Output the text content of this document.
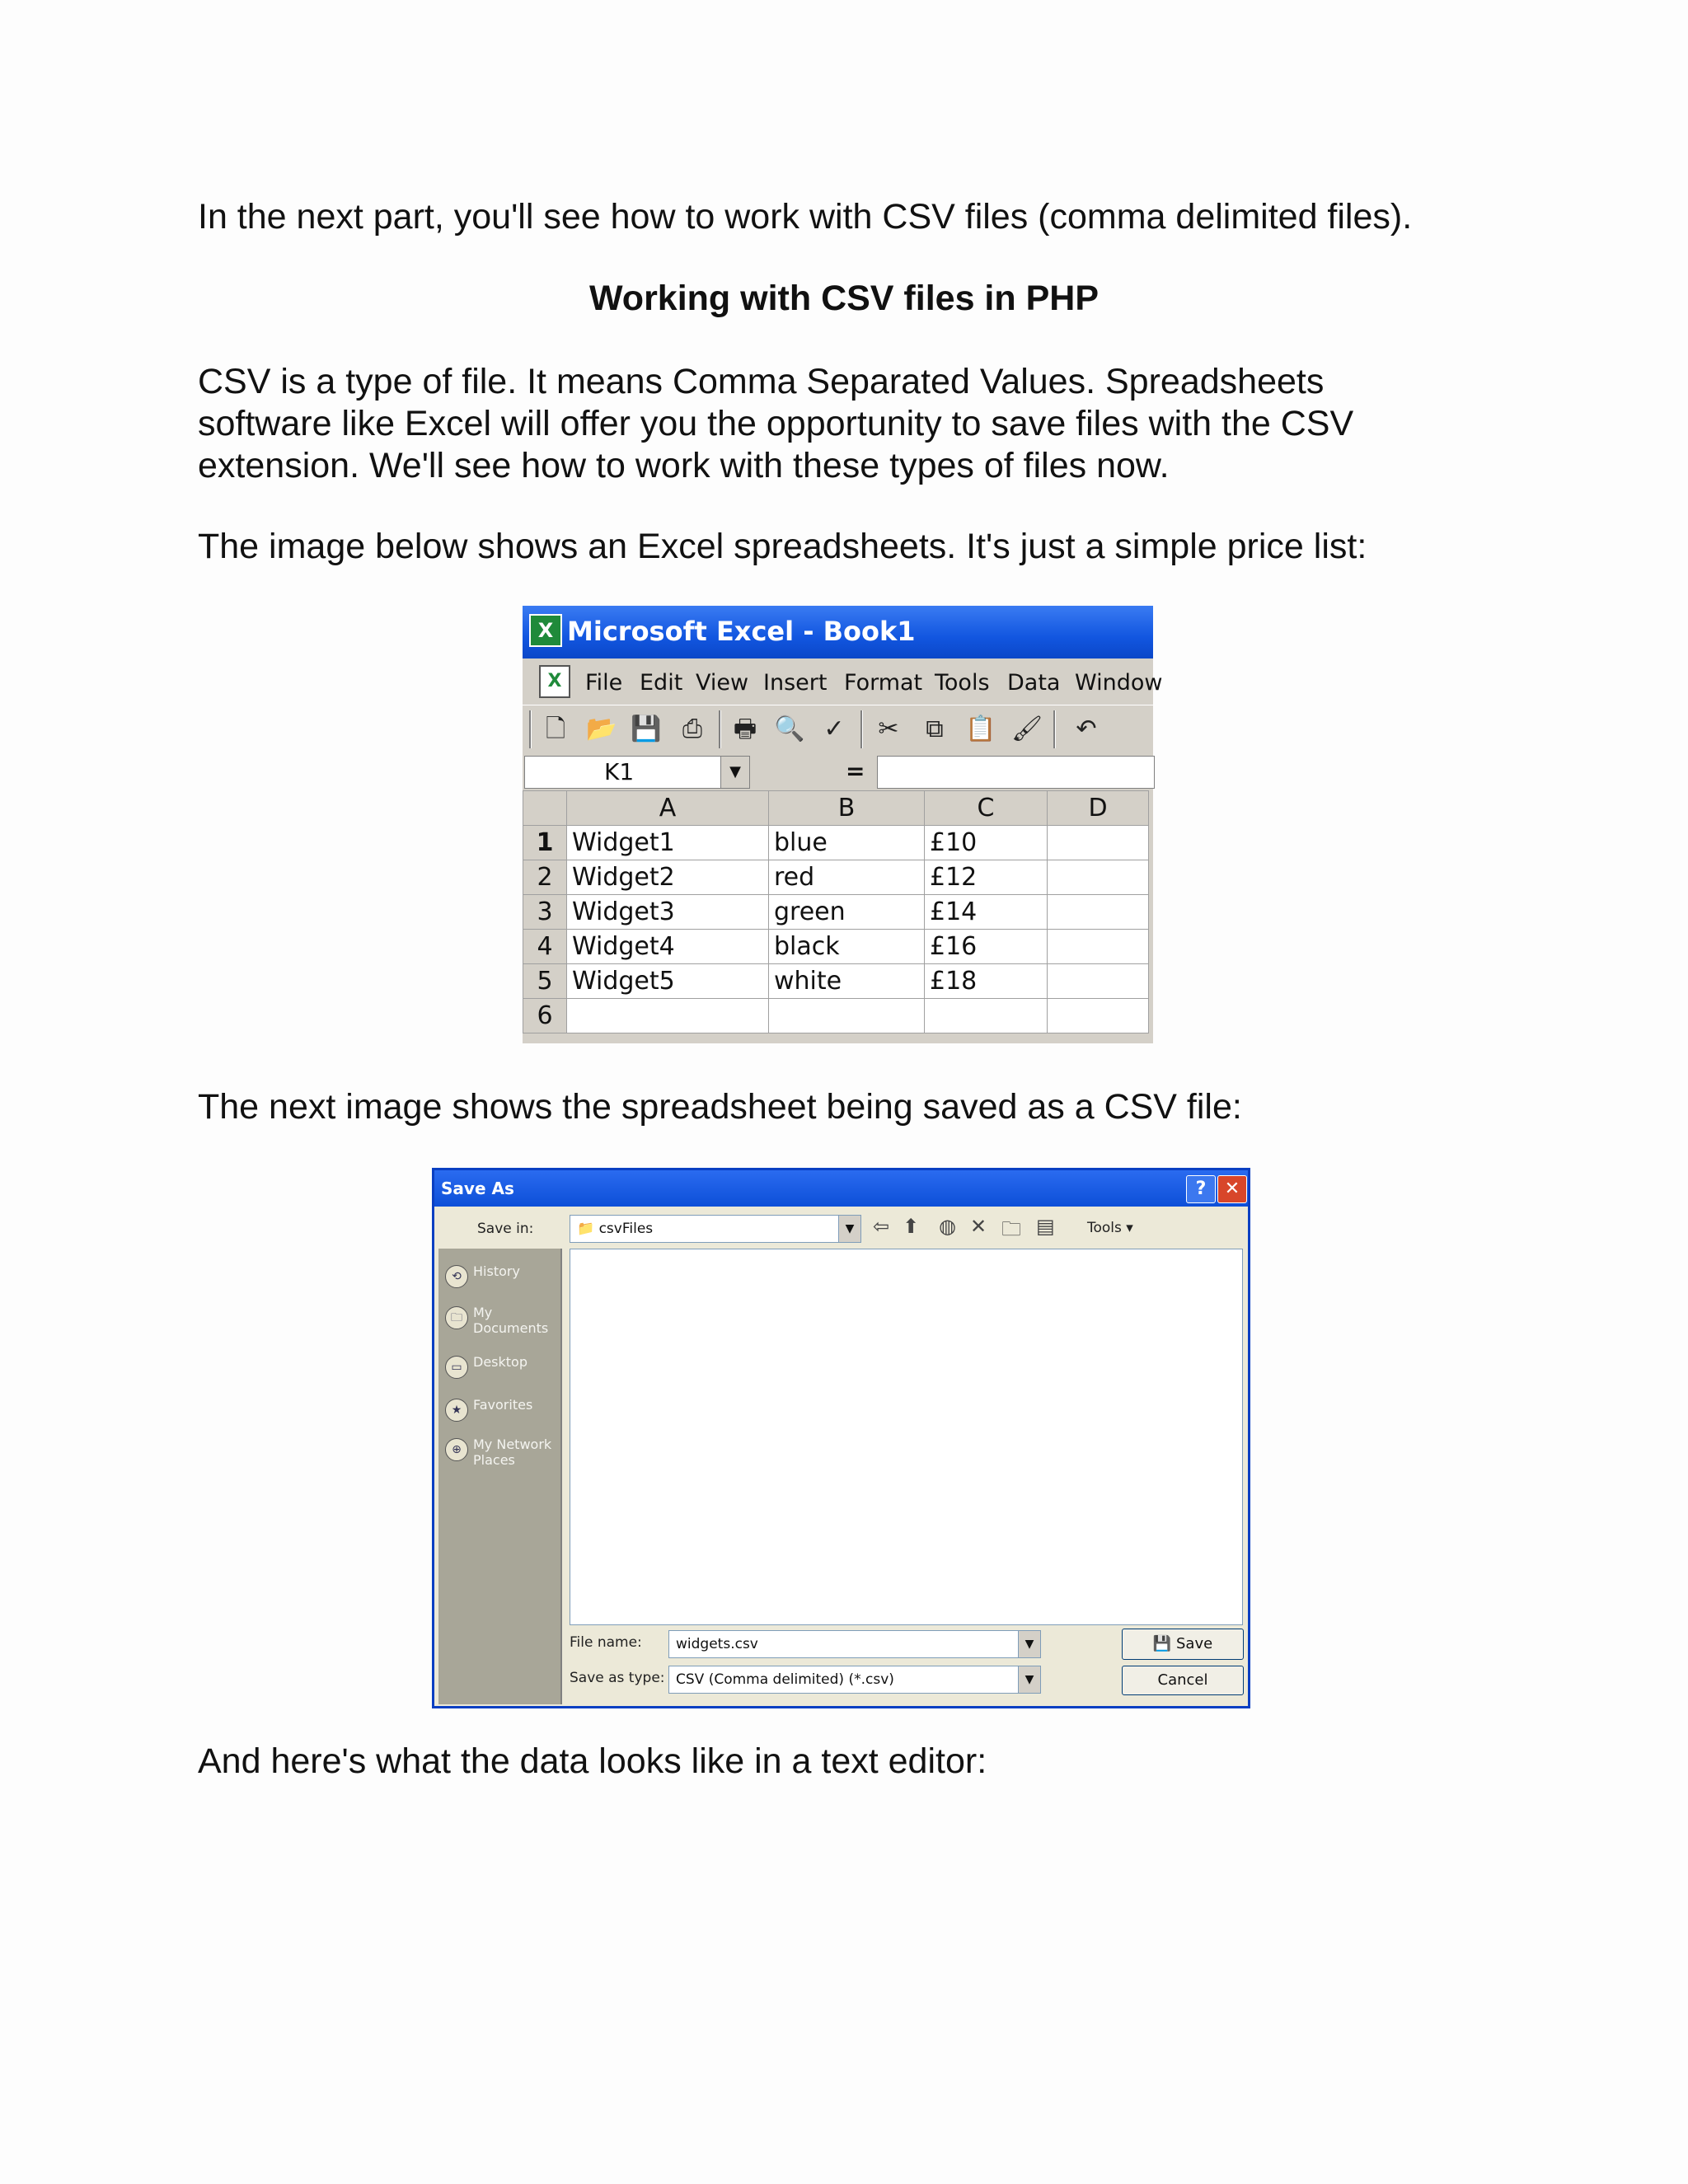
In the next part, you'll see how to work with CSV files (comma delimited files).

Working with CSV files in PHP
CSV is a type of file. It means Comma Separated Values. Spreadsheets
software like Excel will offer you the opportunity to save files with the CSV
extension. We'll see how to work with these types of files now.

The image below shows an Excel spreadsheets. It's just a simple price list:

X Microsoft Excel - Book1
X	File Edit View Insert Format Tools Data Window
🗋 📂 💾 ⎙ 🖶 🔍 ✓ ✂	⧉ 📋 🖌 ↶
K1	▼	=
	A	B	C	D
1	Widget1	blue	£10	
2	Widget2	red	£12	
3	Widget3	green	£14	
4	Widget4	black	£16	
5	Widget5	white	£18	
6				

The next image shows the spreadsheet being saved as a CSV file:

Save As	?	✕
Save in:	📁 csvFiles	▼ ⇦ ⬆ ◍ ✕ 🗀 ▤ Tools ▾
⟲ History
🗀 My Documents
▭ Desktop
★ Favorites
⊕ My Network Places
File name: widgets.csv	▼
Save as type: CSV (Comma delimited) (*.csv)	▼
💾 Save
Cancel

And here's what the data looks like in a text editor:
